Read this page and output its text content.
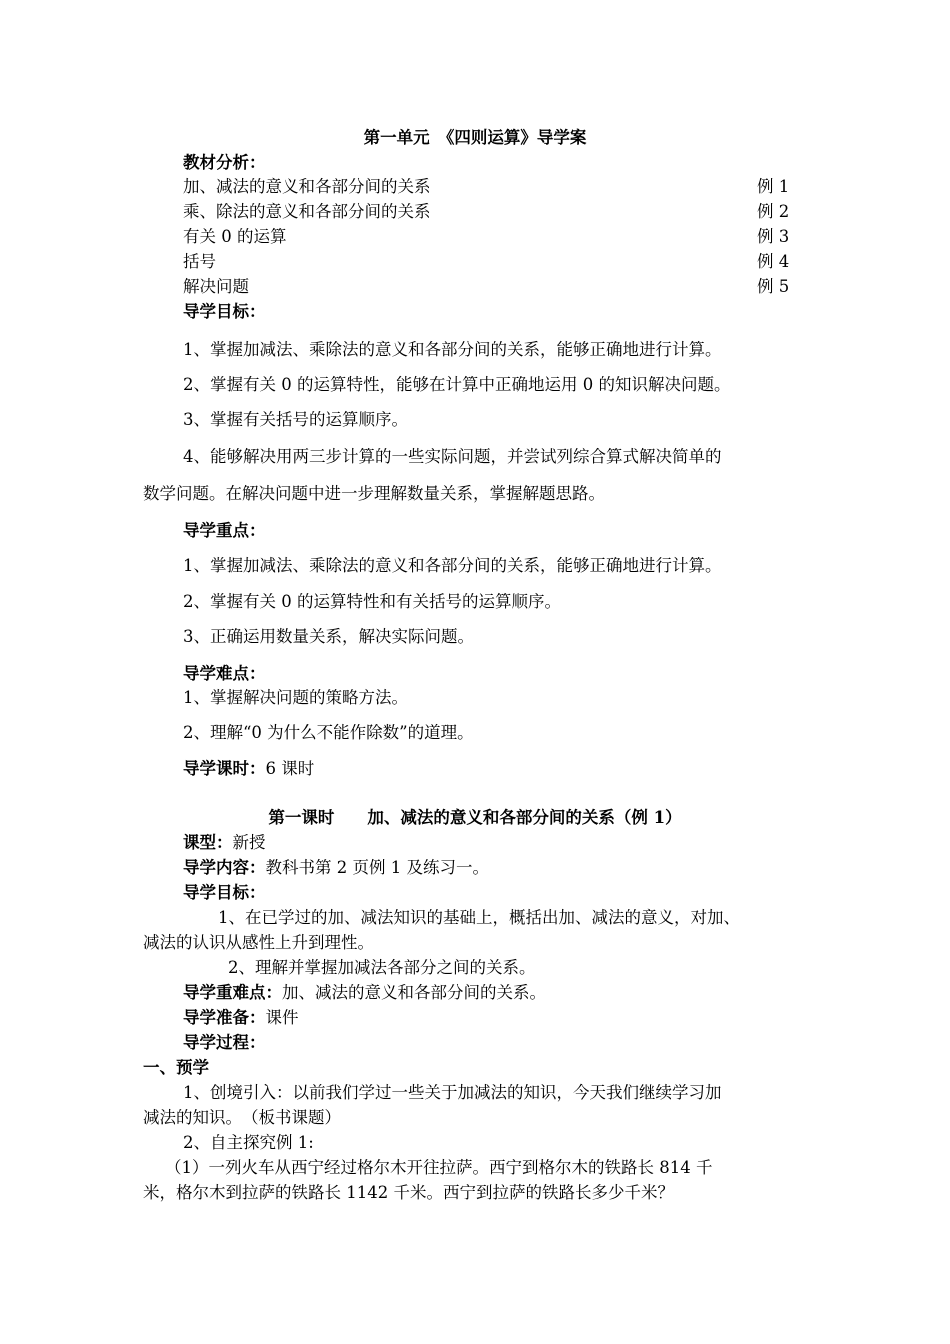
第一单元　《四则运算》导学案
教材分析：
加、减法的意义和各部分间的关系	例 1
乘、除法的意义和各部分间的关系	例 2
有关 0 的运算	例 3
括号	例 4
解决问题	例 5
导学目标：
1、掌握加减法、乘除法的意义和各部分间的关系，能够正确地进行计算。
2、掌握有关 0 的运算特性，能够在计算中正确地运用 0 的知识解决问题。
3、掌握有关括号的运算顺序。
4、能够解决用两三步计算的一些实际问题，并尝试列综合算式解决简单的
数学问题。在解决问题中进一步理解数量关系，掌握解题思路。
导学重点：
1、掌握加减法、乘除法的意义和各部分间的关系，能够正确地进行计算。
2、掌握有关 0 的运算特性和有关括号的运算顺序。
3、正确运用数量关系，解决实际问题。
导学难点：
1、掌握解决问题的策略方法。
2、理解“0 为什么不能作除数”的道理。
导学课时：6 课时
第一课时　　加、减法的意义和各部分间的关系（例 1）
课型：新授
导学内容：教科书第 2 页例 1 及练习一。
导学目标：
1、在已学过的加、减法知识的基础上，概括出加、减法的意义，对加、
减法的认识从感性上升到理性。
2、理解并掌握加减法各部分之间的关系。
导学重难点：加、减法的意义和各部分间的关系。
导学准备：课件
导学过程：
一、预学
1、创境引入：以前我们学过一些关于加减法的知识，今天我们继续学习加
减法的知识。　（板书课题）
2、自主探究例 1:
（1）一列火车从西宁经过格尔木开往拉萨。西宁到格尔木的铁路长 814 千
米，格尔木到拉萨的铁路长 1142 千米。西宁到拉萨的铁路长多少千米？
